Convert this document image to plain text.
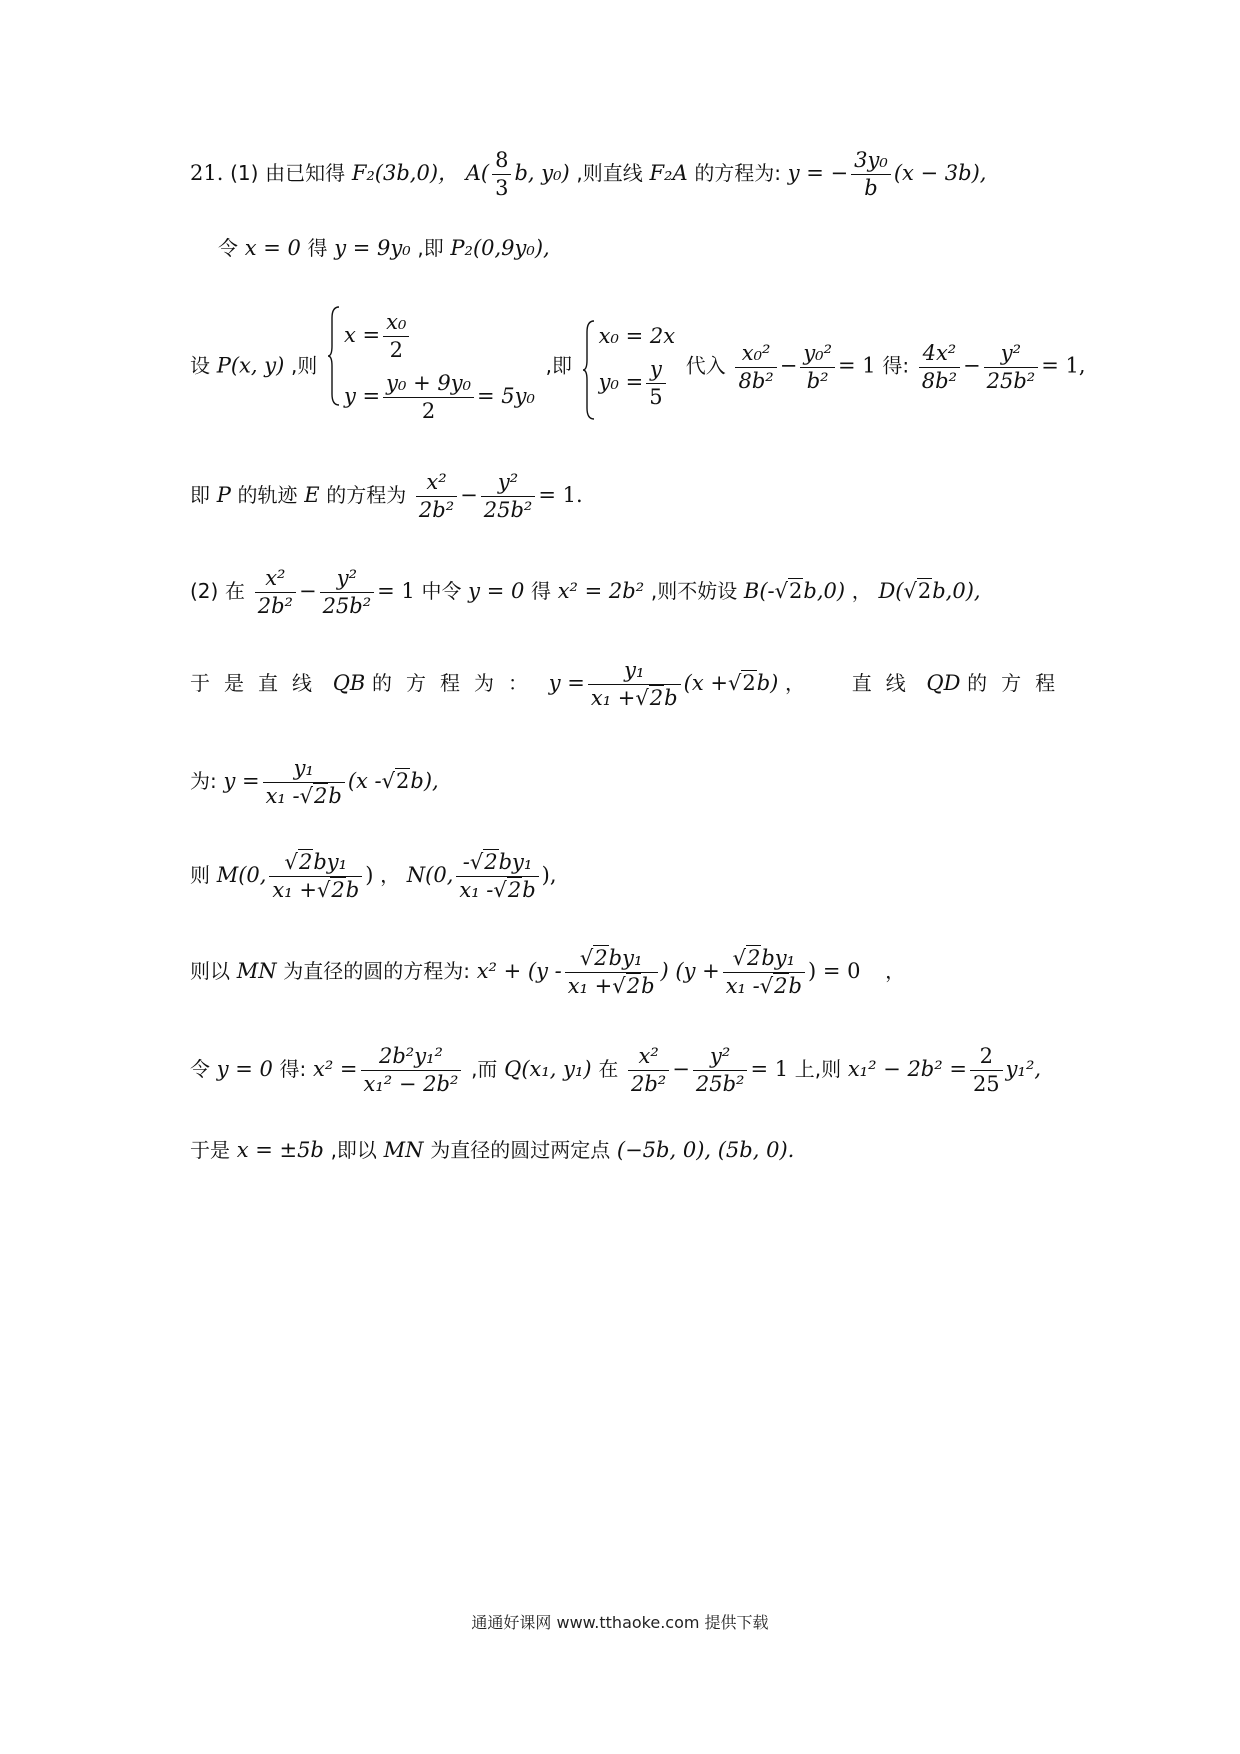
21. (1) 由已知得 F₂(3b,0)， $A( \frac{8}{3} b$, y₀) ,则直线 F₂A 的方程为: y = − $\frac{\text{3y₀}}{b} (x - 3b)$,
令 x = 0 得 y = 9y₀ ,即 P₂(0,9y₀),
设 P(x, y) ,则
$x = \frac{\text{x₀}}{2}$
$y = \frac{\text{y₀ + 9y₀}}{2} = 5y_0$
,即
x₀ = 2x
$y_0 = \frac{y}{5}$ 代入 $\frac{\text{x₀²}}{\text{8b²}} - \frac{\text{y₀²}}{\text{b²}} = 1$ 得: $\frac{\text{4x²}}{\text{8b²}} - \frac{\text{y²}}{\text{25b²}} = 1$,
即 P 的轨迹 E 的方程为 $\frac{\text{x²}}{\text{2b²}} - \frac{\text{y²}}{\text{25b²}} = 1$.
(2) 在 $\frac{\text{x²}}{\text{2b²}} - \frac{\text{y²}}{\text{25b²}} = 1$ 中令 y = 0 得 x² = 2b² ,则不妨设 B(-√2b,0) ， D(√2b,0),
于是直线 QB 的方程为： $y = \frac{\text{y₁}}{\text{x₁ +√2b}} (x +√2b)$ ， 直线 QD 的方程
为: $y = \frac{\text{y₁}}{\text{x₁ -√2b}} (x$ -√2b),
则 M(0, $\frac{\text{√2by₁}}{\text{x₁ +√2b}}$ ) ， N(0, $\frac{\text{-√2by₁}}{\text{x₁ -√2b}}$ ),
则以 MN 为直径的圆的方程为: $x^2 + (y - \frac{\text{√2by₁}}{\text{x₁ +√2b}}$ ) ($y + \frac{\text{√2by₁}}{\text{x₁ -√2b}}$ ) = 0 ，
令 y = 0 得: $x^2 = \frac{\text{2b²y₁²}}{\text{x₁² − 2b²}}$ ,而 Q(x₁, y₁) 在 $\frac{\text{x²}}{\text{2b²}} - \frac{\text{y²}}{\text{25b²}} = 1$ 上,则 $x_1^2 - 2b^2 = \frac{2}{25} y_1^2$,
于是 x = ±5b ,即以 MN 为直径的圆过两定点 (−5b, 0), (5b, 0).
通通好课网 www.tthaoke.com 提供下载
